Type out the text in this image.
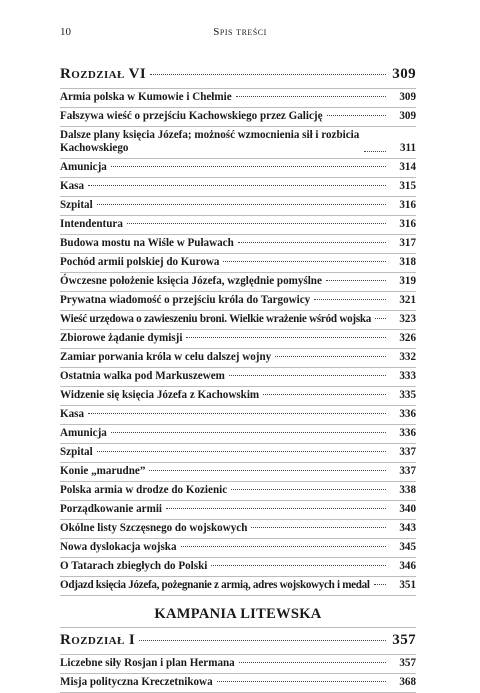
10	Spis treści
Rozdział VI	309
Armia polska w Kumowie i Chełmie	309
Fałszywa wieść o przejściu Kachowskiego przez Galicję	309
Dalsze plany księcia Józefa; możność wzmocnienia sił i rozbicia Kachowskiego	311
Amunicja	314
Kasa	315
Szpital	316
Intendentura	316
Budowa mostu na Wiśle w Puławach	317
Pochód armii polskiej do Kurowa	318
Ówczesne położenie księcia Józefa, względnie pomyślne	319
Prywatna wiadomość o przejściu króla do Targowicy	321
Wieść urzędowa o zawieszeniu broni. Wielkie wrażenie wśród wojska	323
Zbiorowe żądanie dymisji	326
Zamiar porwania króla w celu dalszej wojny	332
Ostatnia walka pod Markuszewem	333
Widzenie się księcia Józefa z Kachowskim	335
Kasa	336
Amunicja	336
Szpital	337
Konie „marudne”	337
Polska armia w drodze do Kozienic	338
Porządkowanie armii	340
Okólne listy Szczęsnego do wojskowych	343
Nowa dyslokacja wojska	345
O Tatarach zbiegłych do Polski	346
Odjazd księcia Józefa, pożegnanie z armią, adres wojskowych i medal	351
KAMPANIA LITEWSKA
Rozdział I	357
Liczebne siły Rosjan i plan Hermana	357
Misja polityczna Kreczetnikowa	368
